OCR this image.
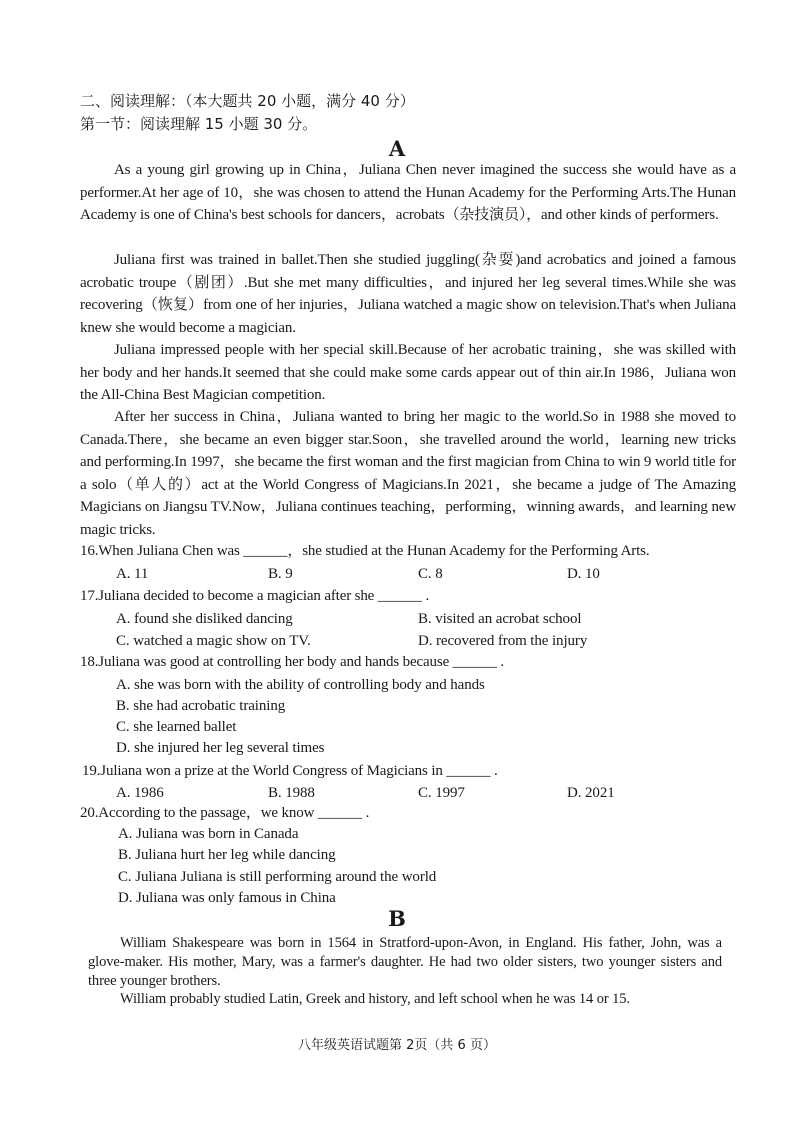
二、阅读理解：（本大题共 20 小题，满分 40 分）
第一节：阅读理解 15 小题 30 分。
A
As a young girl growing up in China，Juliana Chen never imagined the success she would have as a performer.At her age of 10，she was chosen to attend the Hunan Academy for the Performing Arts.The Hunan Academy is one of China's best schools for dancers，acrobats（杂技演员），and other kinds of performers.
Juliana first was trained in ballet.Then she studied juggling(杂耍)and acrobatics and joined a famous acrobatic troupe（剧团）.But she met many difficulties，and injured her leg several times.While she was recovering（恢复）from one of her injuries，Juliana watched a magic show on television.That's when Juliana knew she would become a magician.
Juliana impressed people with her special skill.Because of her acrobatic training，she was skilled with her body and her hands.It seemed that she could make some cards appear out of thin air.In 1986，Juliana won the All-China Best Magician competition.
After her success in China，Juliana wanted to bring her magic to the world.So in 1988 she moved to Canada.There，she became an even bigger star.Soon，she travelled around the world，learning new tricks and performing.In 1997，she became the first woman and the first magician from China to win 9 world title for a solo（单人的）act at the World Congress of Magicians.In 2021，she became a judge of The Amazing Magicians on Jiangsu TV.Now，Juliana continues teaching，performing，winning awards，and learning new magic tricks.
16.When Juliana Chen was ______，she studied at the Hunan Academy for the Performing Arts.
A. 11	B. 9	C. 8	D. 10
17.Juliana decided to become a magician after she ______ .
A. found she disliked dancing	B. visited an acrobat school
C. watched a magic show on TV.	D. recovered from the injury
18.Juliana was good at controlling her body and hands because ______ .
A. she was born with the ability of controlling body and hands
B. she had acrobatic training
C. she learned ballet
D. she injured her leg several times
19.Juliana won a prize at the World Congress of Magicians in ______ .
A. 1986	B. 1988	C. 1997	D. 2021
20.According to the passage，we know ______ .
A. Juliana was born in Canada
B. Juliana hurt her leg while dancing
C. Juliana Juliana is still performing around the world
D. Juliana was only famous in China
B
William Shakespeare was born in 1564 in Stratford-upon-Avon, in England. His father, John, was a glove-maker. His mother, Mary, was a farmer's daughter. He had two older sisters, two younger sisters and three younger brothers.
William probably studied Latin, Greek and history, and left school when he was 14 or 15.
八年级英语试题第 2页（共 6 页）
